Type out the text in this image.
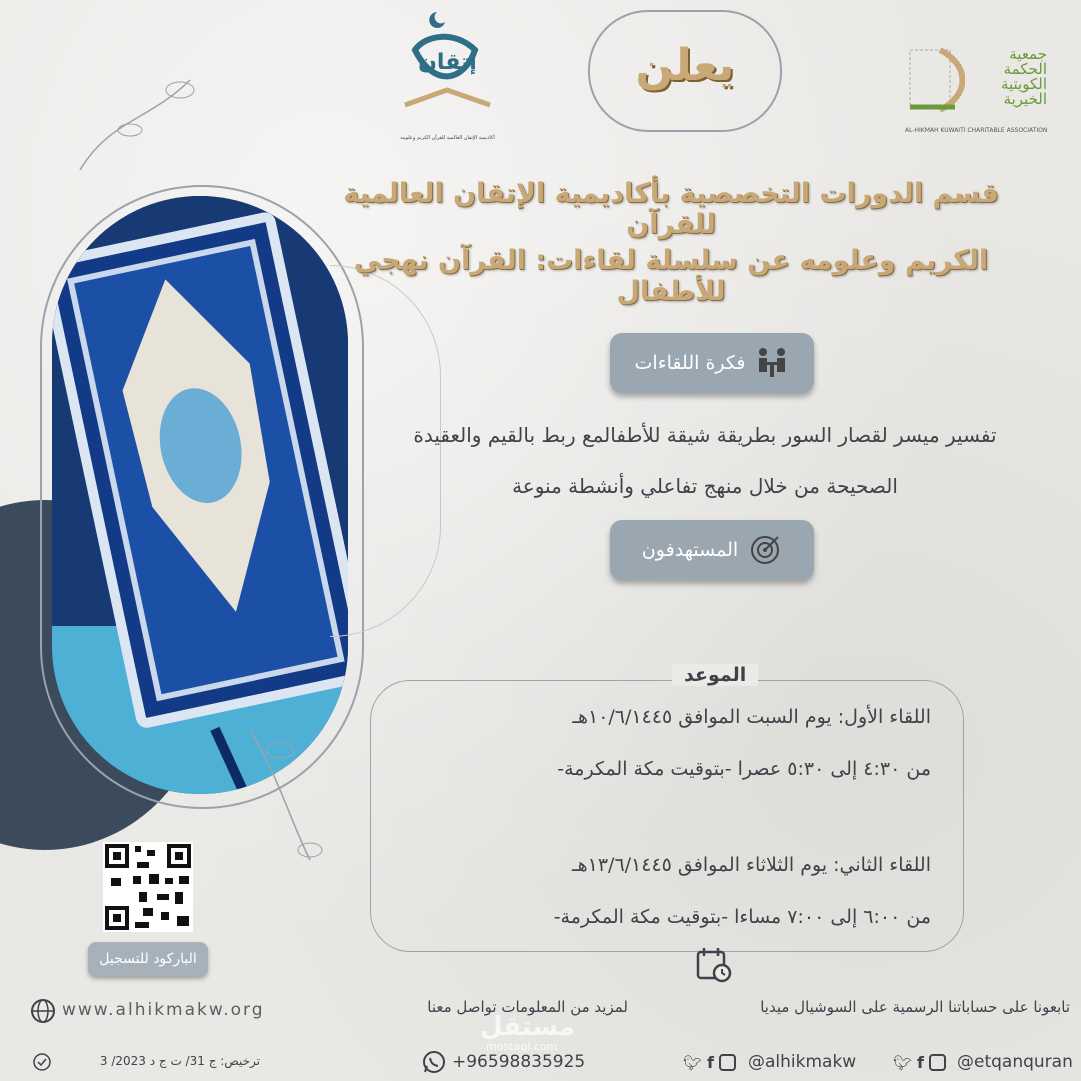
إتقان
أكاديمية الإتقان العالمية للقرآن الكريم وعلومه
يعلن	جمعية
الحكمة
الكويتية
الخيرية
AL-HIKMAH KUWAITI CHARITABLE ASSOCIATION
قسم الدورات التخصصية بأكاديمية الإتقان العالمية للقرآن
الكريم وعلومه عن سلسلة لقاءات: القرآن نهجي للأطفال
فكرة اللقاءات
تفسير ميسر لقصار السور بطريقة شيقة للأطفالمع ربط بالقيم والعقيدة
الصحيحة من خلال منهج تفاعلي وأنشطة منوعة
المستهدفون
الموعد
اللقاء الأول: يوم السبت الموافق ١٠/٦/١٤٤٥هـ
من ٤:٣٠ إلى ٥:٣٠ عصرا -بتوقيت مكة المكرمة-
اللقاء الثاني: يوم الثلاثاء الموافق ١٣/٦/١٤٤٥هـ
من ٦:٠٠ إلى ٧:٠٠ مساءا -بتوقيت مكة المكرمة-
الباركود للتسجيل
www.alhikmakw.org	لمزيد من المعلومات تواصل معنا	تابعونا على حساباتنا الرسمية على السوشيال ميديا
مستقل
mostaql.com
ترخيص: ج 31/ ت ج د 2023/ 3	+96598835925	🐦︎ f @alhikmakw 🐦︎ f @etqanquran
